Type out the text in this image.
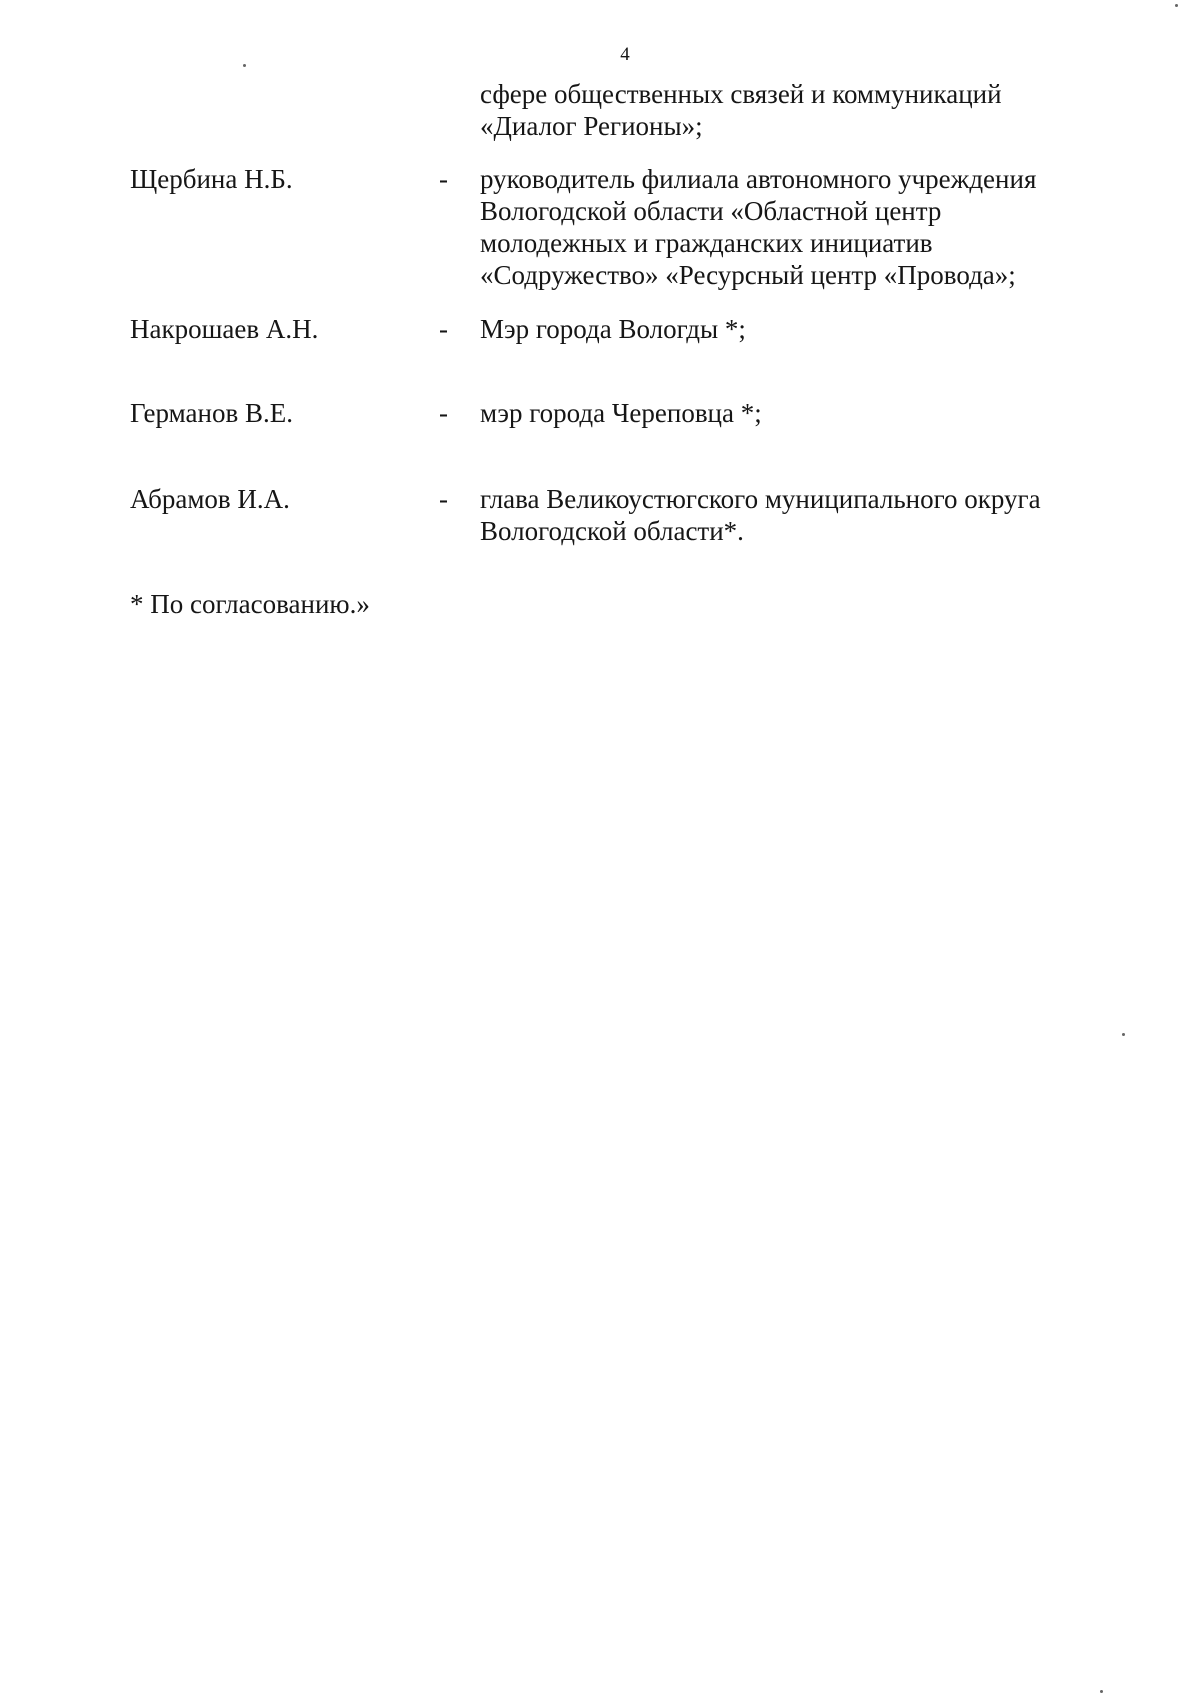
4
сфере общественных связей и коммуникаций
«Диалог Регионы»;
Щербина Н.Б.	- руководитель филиала автономного учреждения
Вологодской области «Областной центр
молодежных и гражданских инициатив
«Содружество» «Ресурсный центр «Провода»;
Накрошаев А.Н.	- Мэр города Вологды *;
Германов В.Е.	- мэр города Череповца *;
Абрамов И.А.	- глава Великоустюгского муниципального округа
Вологодской области*.
* По согласованию.»
